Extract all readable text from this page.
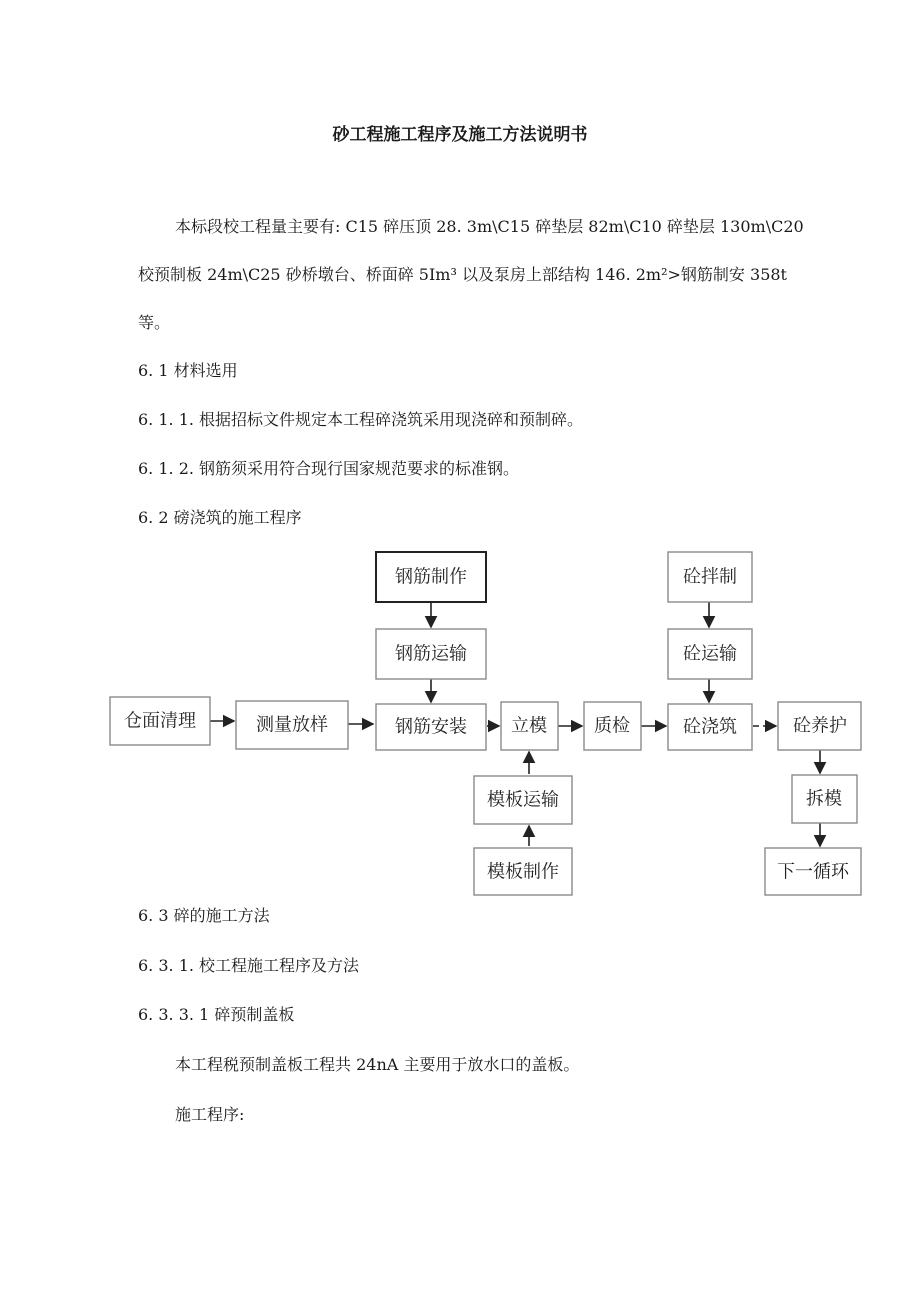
砂工程施工程序及施工方法说明书
本标段校工程量主要有: C15 碎压顶 28. 3m\C15 碎垫层 82m\C10 碎垫层 130m\C20
校预制板 24m\C25 砂桥墩台、桥面碎 5Im³ 以及泵房上部结构 146. 2m²>钢筋制安 358t
等。
6. 1 材料选用
6. 1. 1. 根据招标文件规定本工程碎浇筑采用现浇碎和预制碎。
6. 1. 2. 钢筋须采用符合现行国家规范要求的标准钢。
6. 2 磅浇筑的施工程序
钢筋制作
钢筋运输
砼拌制
砼运输
仓面清理	测量放样	钢筋安装 立模	质检	砼浇筑	砼养护
拆模
下一循环
模板运输
模板制作
6. 3 碎的施工方法
6. 3. 1. 校工程施工程序及方法
6. 3. 3. 1 碎预制盖板
本工程税预制盖板工程共 24nA 主要用于放水口的盖板。
施工程序:
